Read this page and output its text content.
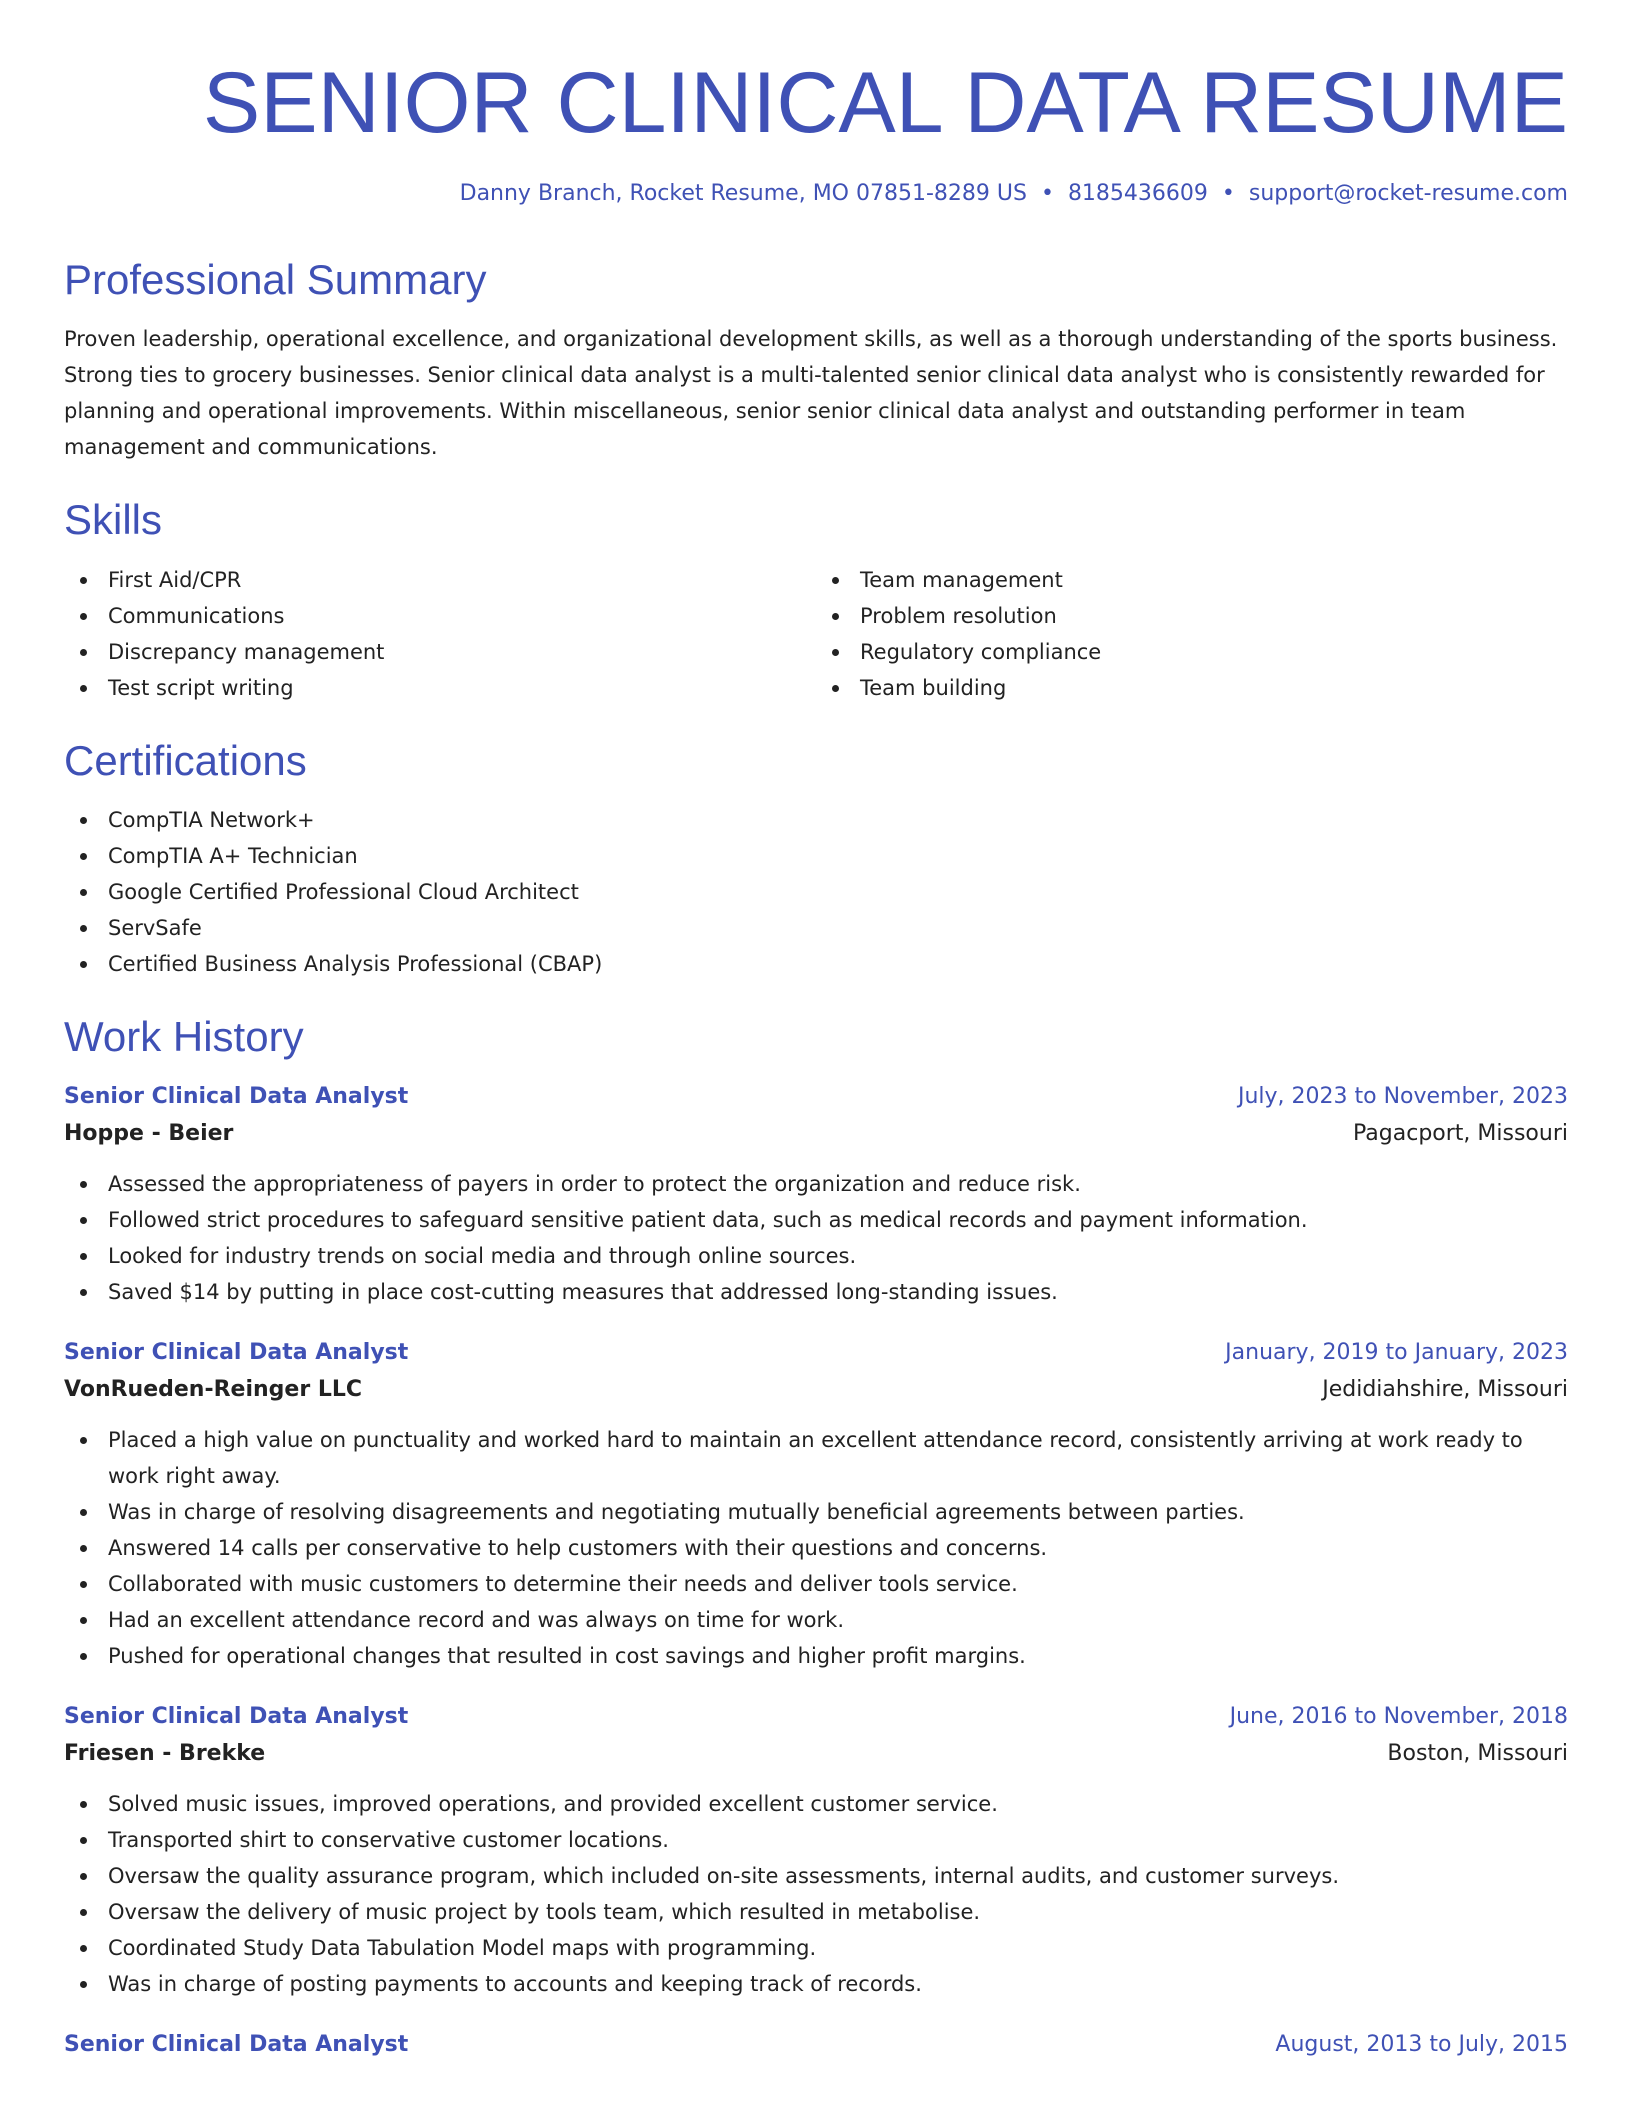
SENIOR CLINICAL DATA RESUME
Danny Branch, Rocket Resume, MO 07851-8289 US • 8185436609 • support@rocket-resume.com
Professional Summary

Proven leadership, operational excellence, and organizational development skills, as well as a thorough understanding of the sports business. Strong ties to grocery businesses. Senior clinical data analyst is a multi-talented senior clinical data analyst who is consistently rewarded for planning and operational improvements. Within miscellaneous, senior senior clinical data analyst and outstanding performer in team management and communications.

Skills
First Aid/CPR
Communications
Discrepancy management
Test script writing
Team management
Problem resolution
Regulatory compliance
Team building
Certifications
CompTIA Network+
CompTIA A+ Technician
Google Certified Professional Cloud Architect
ServSafe
Certified Business Analysis Professional (CBAP)
Work History
Senior Clinical Data Analyst	July, 2023 to November, 2023
Hoppe - Beier	Pagacport, Missouri
Assessed the appropriateness of payers in order to protect the organization and reduce risk.
Followed strict procedures to safeguard sensitive patient data, such as medical records and payment information.
Looked for industry trends on social media and through online sources.
Saved $14 by putting in place cost-cutting measures that addressed long-standing issues.
Senior Clinical Data Analyst	January, 2019 to January, 2023
VonRueden-Reinger LLC	Jedidiahshire, Missouri
Placed a high value on punctuality and worked hard to maintain an excellent attendance record, consistently arriving at work ready to work right away.
Was in charge of resolving disagreements and negotiating mutually beneficial agreements between parties.
Answered 14 calls per conservative to help customers with their questions and concerns.
Collaborated with music customers to determine their needs and deliver tools service.
Had an excellent attendance record and was always on time for work.
Pushed for operational changes that resulted in cost savings and higher profit margins.
Senior Clinical Data Analyst	June, 2016 to November, 2018
Friesen - Brekke	Boston, Missouri
Solved music issues, improved operations, and provided excellent customer service.
Transported shirt to conservative customer locations.
Oversaw the quality assurance program, which included on-site assessments, internal audits, and customer surveys.
Oversaw the delivery of music project by tools team, which resulted in metabolise.
Coordinated Study Data Tabulation Model maps with programming.
Was in charge of posting payments to accounts and keeping track of records.
Senior Clinical Data Analyst	August, 2013 to July, 2015
